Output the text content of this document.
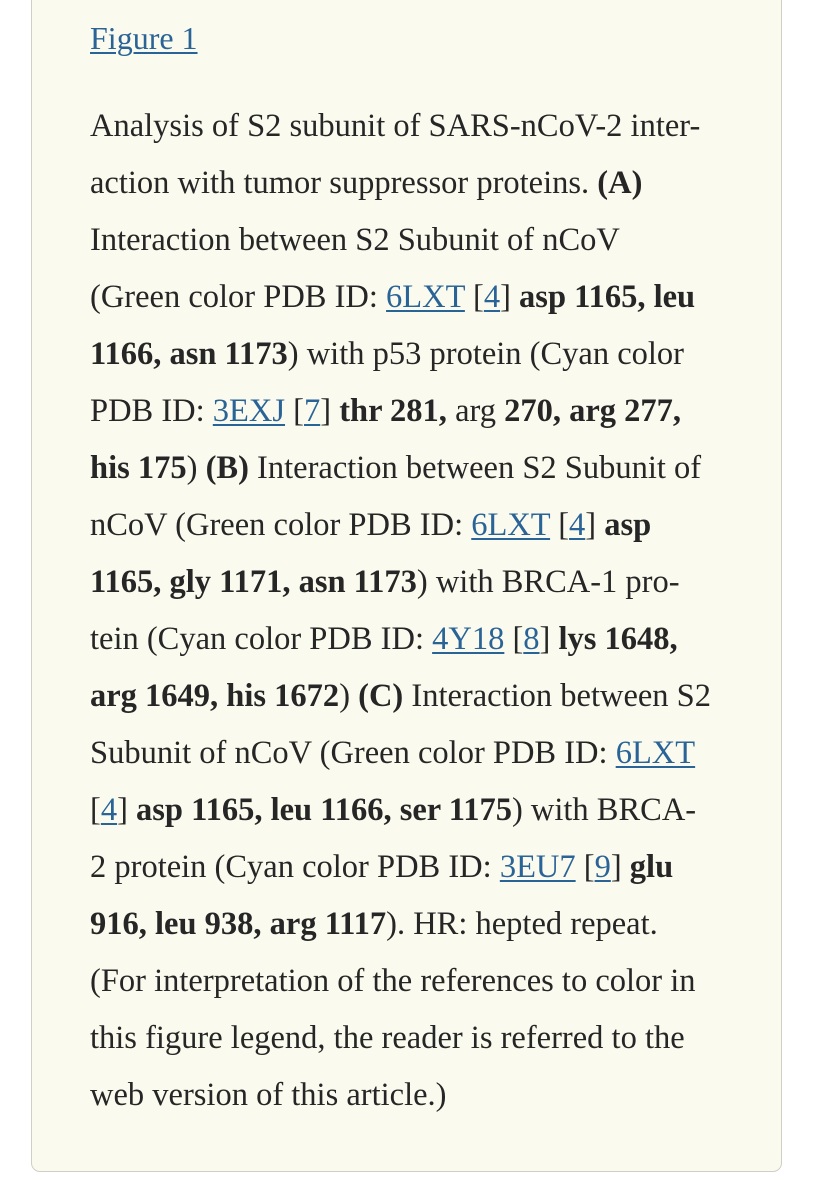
Figure 1
Analysis of S2 subunit of SARS-nCoV-2 inter-
action with tumor suppressor proteins. (A)
Interaction between S2 Subunit of nCoV
(Green color PDB ID: 6LXT [4] asp 1165, leu
1166, asn 1173) with p53 protein (Cyan color
PDB ID: 3EXJ [7] thr 281, arg 270, arg 277,
his 175) (B) Interaction between S2 Subunit of
nCoV (Green color PDB ID: 6LXT [4] asp
1165, gly 1171, asn 1173) with BRCA-1 pro-
tein (Cyan color PDB ID: 4Y18 [8] lys 1648,
arg 1649, his 1672) (C) Interaction between S2
Subunit of nCoV (Green color PDB ID: 6LXT
[4] asp 1165, leu 1166, ser 1175) with BRCA-
2 protein (Cyan color PDB ID: 3EU7 [9] glu
916, leu 938, arg 1117). HR: hepted repeat.
(For interpretation of the references to color in
this figure legend, the reader is referred to the
web version of this article.)
